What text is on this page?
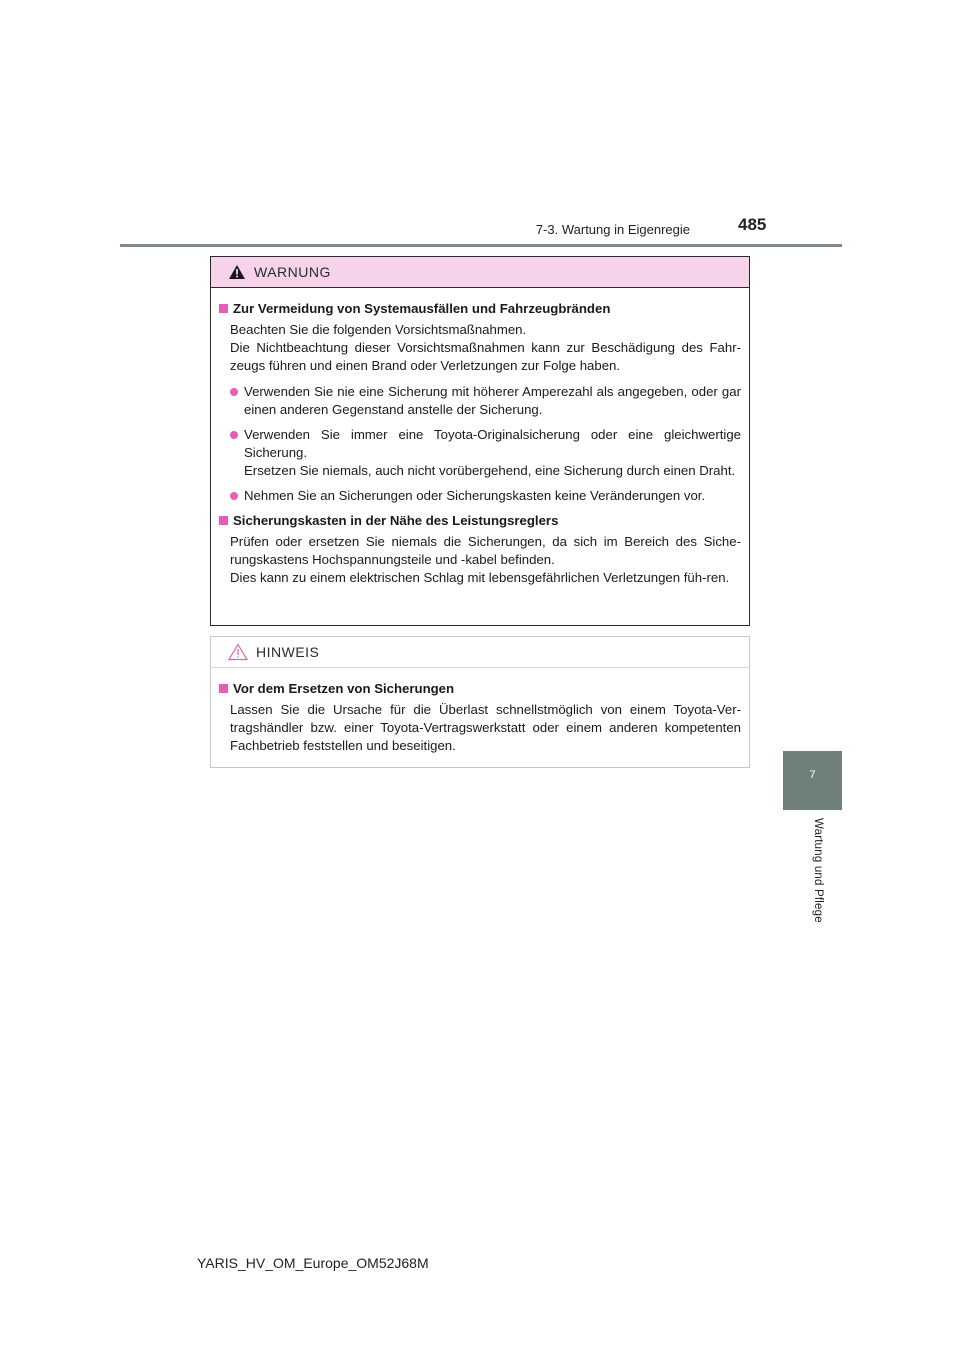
7-3. Wartung in Eigenregie	485
7
Wartung und Pflege
WARNUNG
Zur Vermeidung von Systemausfällen und Fahrzeugbränden
Beachten Sie die folgenden Vorsichtsmaßnahmen.
Die Nichtbeachtung dieser Vorsichtsmaßnahmen kann zur Beschädigung des Fahr-zeugs führen und einen Brand oder Verletzungen zur Folge haben.
Verwenden Sie nie eine Sicherung mit höherer Amperezahl als angegeben, oder gar einen anderen Gegenstand anstelle der Sicherung.
Verwenden Sie immer eine Toyota-Originalsicherung oder eine gleichwertige Sicherung.
Ersetzen Sie niemals, auch nicht vorübergehend, eine Sicherung durch einen Draht.
Nehmen Sie an Sicherungen oder Sicherungskasten keine Veränderungen vor.
Sicherungskasten in der Nähe des Leistungsreglers
Prüfen oder ersetzen Sie niemals die Sicherungen, da sich im Bereich des Siche-rungskastens Hochspannungsteile und -kabel befinden.
Dies kann zu einem elektrischen Schlag mit lebensgefährlichen Verletzungen füh-ren.
HINWEIS
Vor dem Ersetzen von Sicherungen
Lassen Sie die Ursache für die Überlast schnellstmöglich von einem Toyota-Ver-tragshändler bzw. einer Toyota-Vertragswerkstatt oder einem anderen kompetenten Fachbetrieb feststellen und beseitigen.
YARIS_HV_OM_Europe_OM52J68M
